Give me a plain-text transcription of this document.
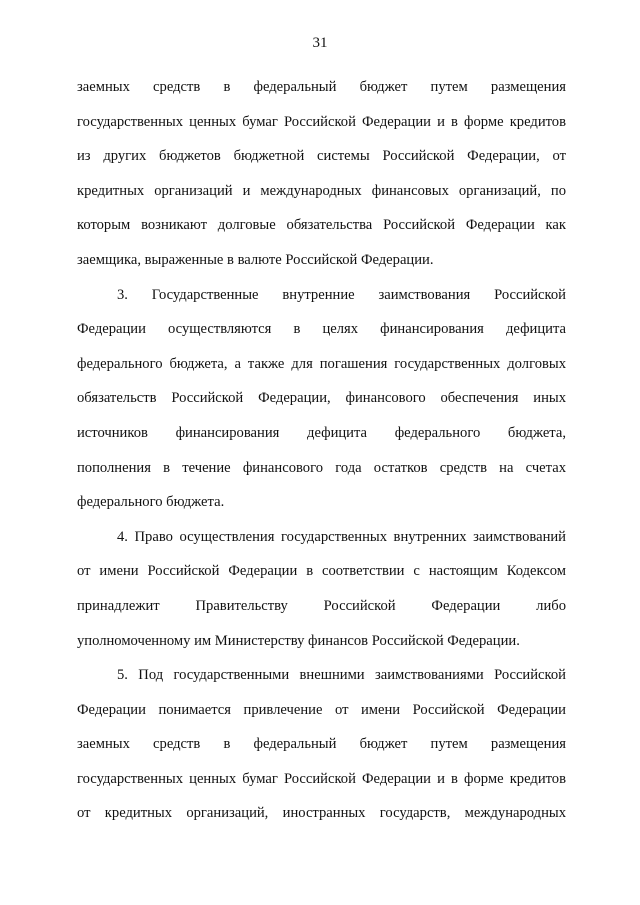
31
заемных средств в федеральный бюджет путем размещения
государственных ценных бумаг Российской Федерации и в форме кредитов
из других бюджетов бюджетной системы Российской Федерации, от
кредитных организаций и международных финансовых организаций, по
которым возникают долговые обязательства Российской Федерации как
заемщика, выраженные в валюте Российской Федерации.
3. Государственные внутренние заимствования Российской
Федерации осуществляются в целях финансирования дефицита
федерального бюджета, а также для погашения государственных долговых
обязательств Российской Федерации, финансового обеспечения иных
источников финансирования дефицита федерального бюджета,
пополнения в течение финансового года остатков средств на счетах
федерального бюджета.
4. Право осуществления государственных внутренних заимствований
от имени Российской Федерации в соответствии с настоящим Кодексом
принадлежит Правительству Российской Федерации либо
уполномоченному им Министерству финансов Российской Федерации.
5. Под государственными внешними заимствованиями Российской
Федерации понимается привлечение от имени Российской Федерации
заемных средств в федеральный бюджет путем размещения
государственных ценных бумаг Российской Федерации и в форме кредитов
от кредитных организаций, иностранных государств, международных
